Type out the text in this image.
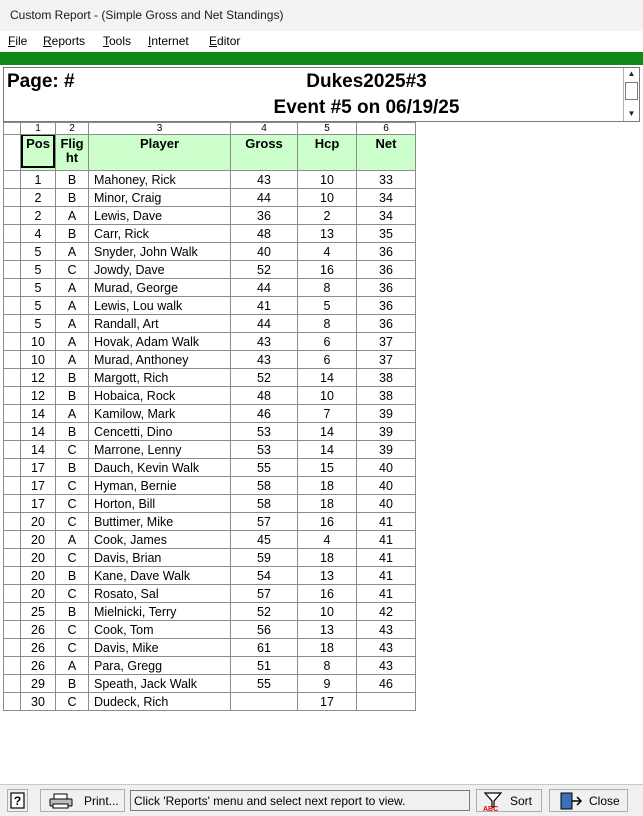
Custom Report - (Simple Gross and Net Standings)
File Reports Tools Internet Editor
Page: #	Dukes2025#3
Event #5 on 06/19/25
▲
▼
	1	2	3	4	5	6

	Pos	Flig
ht	Player	Gross	Hcp	Net
	1	B	Mahoney, Rick	43	10	33
	2	B	Minor, Craig	44	10	34
	2	A	Lewis, Dave	36	2	34
	4	B	Carr, Rick	48	13	35
	5	A	Snyder, John Walk	40	4	36
	5	C	Jowdy, Dave	52	16	36
	5	A	Murad, George	44	8	36
	5	A	Lewis, Lou walk	41	5	36
	5	A	Randall, Art	44	8	36
	10	A	Hovak, Adam Walk	43	6	37
	10	A	Murad, Anthoney	43	6	37
	12	B	Margott, Rich	52	14	38
	12	B	Hobaica, Rock	48	10	38
	14	A	Kamilow, Mark	46	7	39
	14	B	Cencetti, Dino	53	14	39
	14	C	Marrone, Lenny	53	14	39
	17	B	Dauch, Kevin Walk	55	15	40
	17	C	Hyman, Bernie	58	18	40
	17	C	Horton, Bill	58	18	40
	20	C	Buttimer, Mike	57	16	41
	20	A	Cook, James	45	4	41
	20	C	Davis, Brian	59	18	41
	20	B	Kane, Dave Walk	54	13	41
	20	C	Rosato, Sal	57	16	41
	25	B	Mielnicki, Terry	52	10	42
	26	C	Cook, Tom	56	13	43
	26	C	Davis, Mike	61	18	43
	26	A	Para, Gregg	51	8	43
	29	B	Speath, Jack Walk	55	9	46
	30	C	Dudeck, Rich		17	
?	Print...	Click 'Reports' menu and select next report to view.
ABC
Sort	Close
